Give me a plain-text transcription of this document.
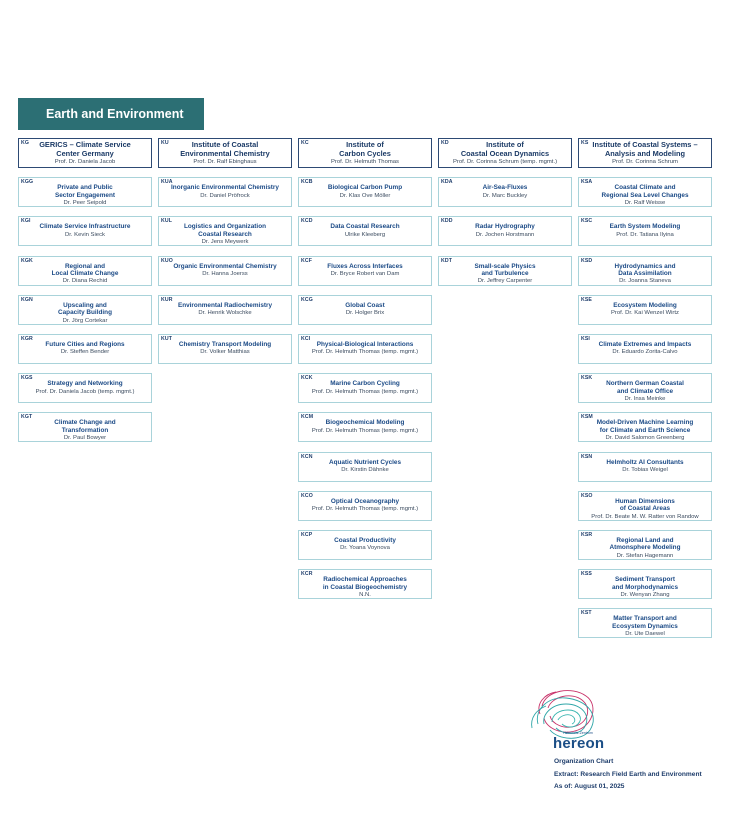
Earth and Environment
KG	GERICS – Climate Service
Center Germany
Prof. Dr. Daniela Jacob
KGG
Private and Public
Sector Engagement
Dr. Peer Seipold
KGI
Climate Service Infrastructure
Dr. Kevin Sieck
KGK
Regional and
Local Climate Change
Dr. Diana Rechid
KGN
Upscaling and
Capacity Building
Dr. Jörg Cortekar
KGR
Future Cities and Regions
Dr. Steffen Bender
KGS
Strategy and Networking
Prof. Dr. Daniela Jacob (temp. mgmt.)
KGT
Climate Change and
Transformation
Dr. Paul Bowyer
KU	Institute of Coastal
Environmental Chemistry
Prof. Dr. Ralf Ebinghaus
KUA
Inorganic Environmental Chemistry
Dr. Daniel Pröfrock
KUL
Logistics and Organization
Coastal Research
Dr. Jens Meywerk
KUO
Organic Environmental Chemistry
Dr. Hanna Joerss
KUR
Environmental Radiochemistry
Dr. Henrik Wolschke
KUT
Chemistry Transport Modeling
Dr. Volker Matthias
KC	Institute of
Carbon Cycles
Prof. Dr. Helmuth Thomas
KCB
Biological Carbon Pump
Dr. Klas Ove Möller
KCD
Data Coastal Research
Ulrike Kleeberg
KCF
Fluxes Across Interfaces
Dr. Bryce Robert van Dam
KCG
Global Coast
Dr. Holger Brix
KCI
Physical-Biological Interactions
Prof. Dr. Helmuth Thomas (temp. mgmt.)
KCK
Marine Carbon Cycling
Prof. Dr. Helmuth Thomas (temp. mgmt.)
KCM
Biogeochemical Modeling
Prof. Dr. Helmuth Thomas (temp. mgmt.)
KCN
Aquatic Nutrient Cycles
Dr. Kirstin Dähnke
KCO
Optical Oceanography
Prof. Dr. Helmuth Thomas (temp. mgmt.)
KCP
Coastal Productivity
Dr. Yoana Voynova
KCR
Radiochemical Approaches
in Coastal Biogeochemistry
N.N.
KD	Institute of
Coastal Ocean Dynamics
Prof. Dr. Corinna Schrum (temp. mgmt.)
KDA
Air-Sea-Fluxes
Dr. Marc Buckley
KDD
Radar Hydrography
Dr. Jochen Horstmann
KDT
Small-scale Physics
and Turbulence
Dr. Jeffrey Carpenter
KS Institute of Coastal Systems –
Analysis and Modeling
Prof. Dr. Corinna Schrum
KSA
Coastal Climate and
Regional Sea Level Changes
Dr. Ralf Weisse
KSC
Earth System Modeling
Prof. Dr. Tatiana Ilyina
KSD
Hydrodynamics and
Data Assimilation
Dr. Joanna Staneva
KSE
Ecosystem Modeling
Prof. Dr. Kai Wenzel Wirtz
KSI
Climate Extremes and Impacts
Dr. Eduardo Zorita-Calvo
KSK
Northern German Coastal
and Climate Office
Dr. Insa Meinke
KSM
Model-Driven Machine Learning
for Climate and Earth Science
Dr. David Salomon Greenberg
KSN
Helmholtz AI Consultants
Dr. Tobias Weigel
KSO
Human Dimensions
of Coastal Areas
Prof. Dr. Beate M. W. Ratter von Randow
KSR
Regional Land and
Atmonsphere Modeling
Dr. Stefan Hagemann
KSS
Sediment Transport
and Morphodynamics
Dr. Wenyan Zhang
KST
Matter Transport and
Ecosystem Dynamics
Dr. Ute Daewel
Helmholtz-Zentrum
hereon
Organization Chart
Extract: Research Field Earth and Environment
As of: August 01, 2025
